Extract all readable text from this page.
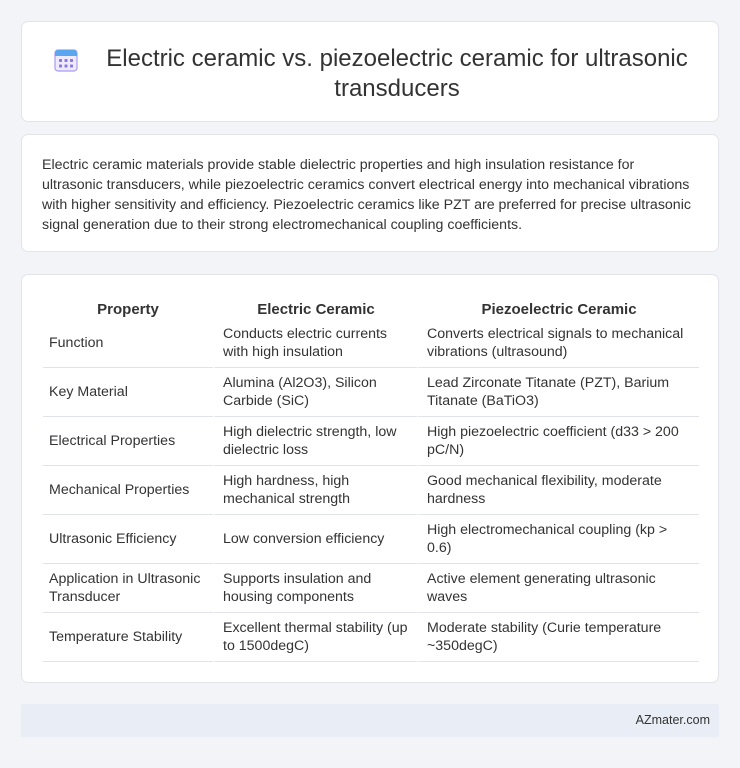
Electric ceramic vs. piezoelectric ceramic for ultrasonic transducers

Electric ceramic materials provide stable dielectric properties and high insulation resistance for ultrasonic transducers, while piezoelectric ceramics convert electrical energy into mechanical vibrations with higher sensitivity and efficiency. Piezoelectric ceramics like PZT are preferred for precise ultrasonic signal generation due to their strong electromechanical coupling coefficients.

Property	Electric Ceramic	Piezoelectric Ceramic
Function	Conducts electric currents with high insulation	Converts electrical signals to mechanical vibrations (ultrasound)
Key Material	Alumina (Al2O3), Silicon Carbide (SiC)	Lead Zirconate Titanate (PZT), Barium Titanate (BaTiO3)
Electrical Properties	High dielectric strength, low dielectric loss	High piezoelectric coefficient (d33 > 200 pC/N)
Mechanical Properties	High hardness, high mechanical strength	Good mechanical flexibility, moderate hardness
Ultrasonic Efficiency	Low conversion efficiency	High electromechanical coupling (kp > 0.6)
Application in Ultrasonic Transducer	Supports insulation and housing components	Active element generating ultrasonic waves
Temperature Stability	Excellent thermal stability (up to 1500degC)	Moderate stability (Curie temperature ~350degC)
AZmater.com
